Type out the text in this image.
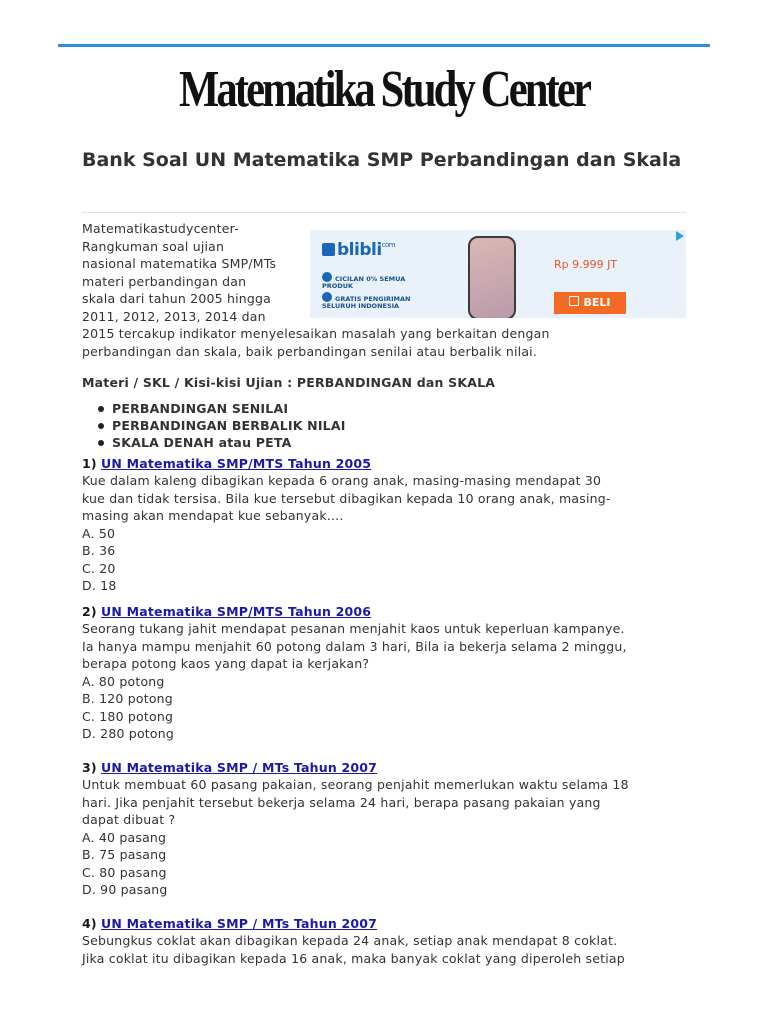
Matematika Study Center
Bank Soal UN Matematika SMP Perbandingan dan Skala
blibli$^{com}$
CICILAN 0% SEMUA PRODUK
GRATIS PENGIRIMAN SELURUH INDONESIA
Rp 9.999 JT
BELI
Matematikastudycenter-
Rangkuman soal ujian
nasional matematika SMP/MTs
materi perbandingan dan
skala dari tahun 2005 hingga
2011, 2012, 2013, 2014 dan
2015 tercakup indikator menyelesaikan masalah yang berkaitan dengan
perbandingan dan skala, baik perbandingan senilai atau berbalik nilai.
Materi / SKL / Kisi-kisi Ujian : PERBANDINGAN dan SKALA
PERBANDINGAN SENILAI
PERBANDINGAN BERBALIK NILAI
SKALA DENAH atau PETA
1) UN Matematika SMP/MTS Tahun 2005
Kue dalam kaleng dibagikan kepada 6 orang anak, masing-masing mendapat 30
kue dan tidak tersisa. Bila kue tersebut dibagikan kepada 10 orang anak, masing-
masing akan mendapat kue sebanyak....
A. 50
B. 36
C. 20
D. 18
2) UN Matematika SMP/MTS Tahun 2006
Seorang tukang jahit mendapat pesanan menjahit kaos untuk keperluan kampanye.
Ia hanya mampu menjahit 60 potong dalam 3 hari, Bila ia bekerja selama 2 minggu,
berapa potong kaos yang dapat ia kerjakan?
A. 80 potong
B. 120 potong
C. 180 potong
D. 280 potong
3) UN Matematika SMP / MTs Tahun 2007
Untuk membuat 60 pasang pakaian, seorang penjahit memerlukan waktu selama 18
hari. Jika penjahit tersebut bekerja selama 24 hari, berapa pasang pakaian yang
dapat dibuat ?
A. 40 pasang
B. 75 pasang
C. 80 pasang
D. 90 pasang
4) UN Matematika SMP / MTs Tahun 2007
Sebungkus coklat akan dibagikan kepada 24 anak, setiap anak mendapat 8 coklat.
Jika coklat itu dibagikan kepada 16 anak, maka banyak coklat yang diperoleh setiap
